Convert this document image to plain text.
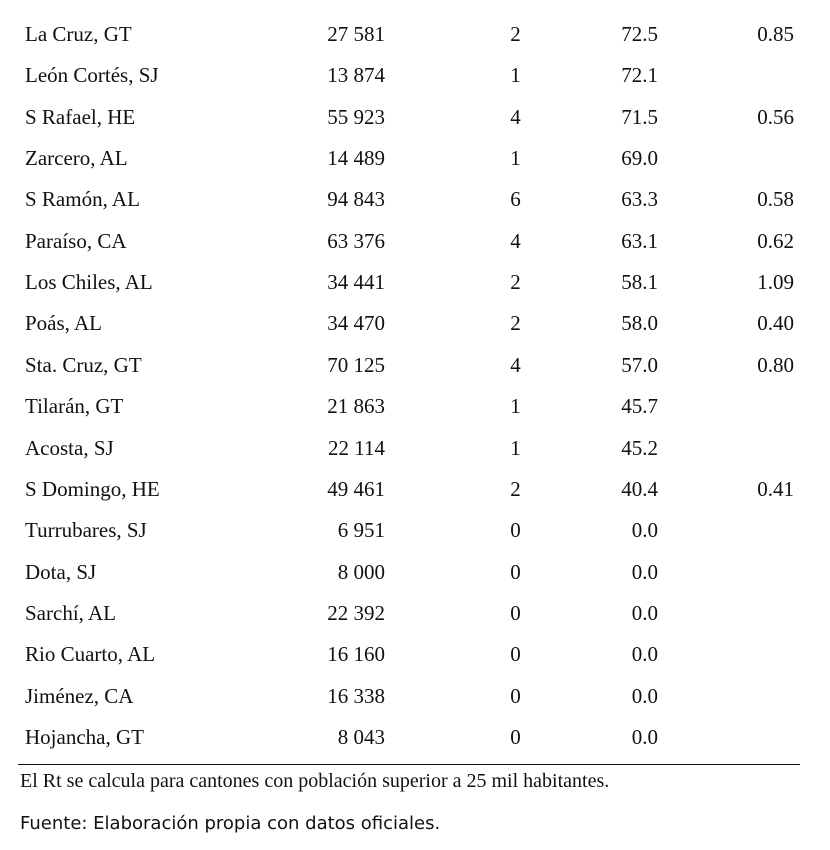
La Cruz, GT	27 581	2	72.5	0.85
León Cortés, SJ	13 874	1	72.1
S Rafael, HE	55 923	4	71.5	0.56
Zarcero, AL	14 489	1	69.0
S Ramón, AL	94 843	6	63.3	0.58
Paraíso, CA	63 376	4	63.1	0.62
Los Chiles, AL	34 441	2	58.1	1.09
Poás, AL	34 470	2	58.0	0.40
Sta. Cruz, GT	70 125	4	57.0	0.80
Tilarán, GT	21 863	1	45.7
Acosta, SJ	22 114	1	45.2
S Domingo, HE	49 461	2	40.4	0.41
Turrubares, SJ	6 951	0	0.0
Dota, SJ	8 000	0	0.0
Sarchí, AL	22 392	0	0.0
Rio Cuarto, AL	16 160	0	0.0
Jiménez, CA	16 338	0	0.0
Hojancha, GT	8 043	0	0.0
El Rt se calcula para cantones con población superior a 25 mil habitantes.
Fuente: Elaboración propia con datos oficiales.
